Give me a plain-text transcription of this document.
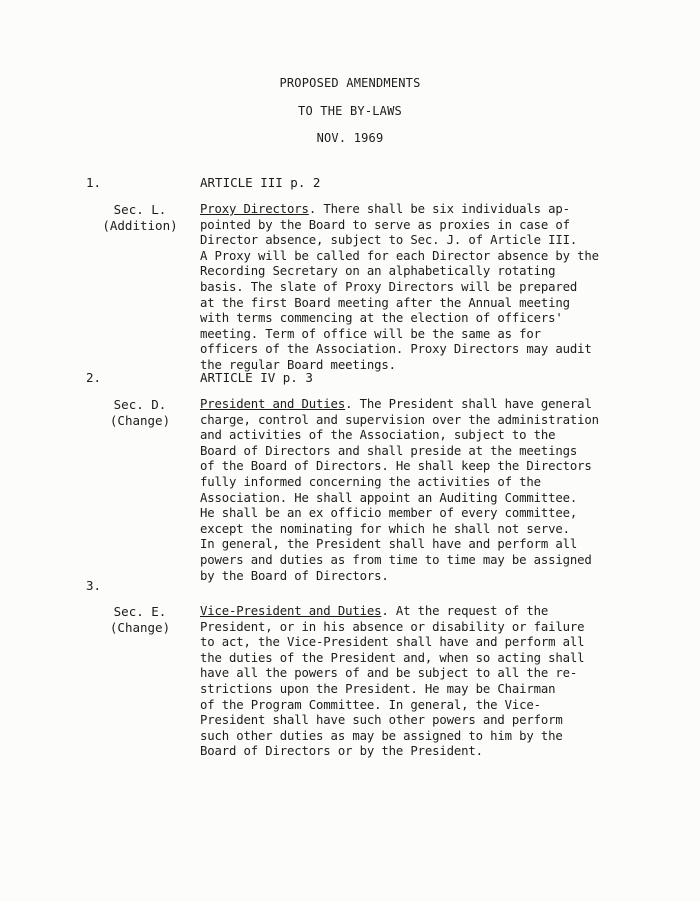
PROPOSED AMENDMENTS
TO THE BY-LAWS
NOV. 1969
1.	ARTICLE III p. 2
Sec. L.
(Addition)
Proxy Directors. There shall be six individuals ap-
pointed by the Board to serve as proxies in case of
Director absence, subject to Sec. J. of Article III.
A Proxy will be called for each Director absence by the
Recording Secretary on an alphabetically rotating
basis. The slate of Proxy Directors will be prepared
at the first Board meeting after the Annual meeting
with terms commencing at the election of officers'
meeting. Term of office will be the same as for
officers of the Association. Proxy Directors may audit
the regular Board meetings.
2.	ARTICLE IV p. 3
Sec. D.
(Change)
President and Duties. The President shall have general
charge, control and supervision over the administration
and activities of the Association, subject to the
Board of Directors and shall preside at the meetings
of the Board of Directors. He shall keep the Directors
fully informed concerning the activities of the
Association. He shall appoint an Auditing Committee.
He shall be an ex officio member of every committee,
except the nominating for which he shall not serve.
In general, the President shall have and perform all
powers and duties as from time to time may be assigned
by the Board of Directors.
3.
Sec. E.
(Change)
Vice-President and Duties. At the request of the
President, or in his absence or disability or failure
to act, the Vice-President shall have and perform all
the duties of the President and, when so acting shall
have all the powers of and be subject to all the re-
strictions upon the President. He may be Chairman
of the Program Committee. In general, the Vice-
President shall have such other powers and perform
such other duties as may be assigned to him by the
Board of Directors or by the President.
